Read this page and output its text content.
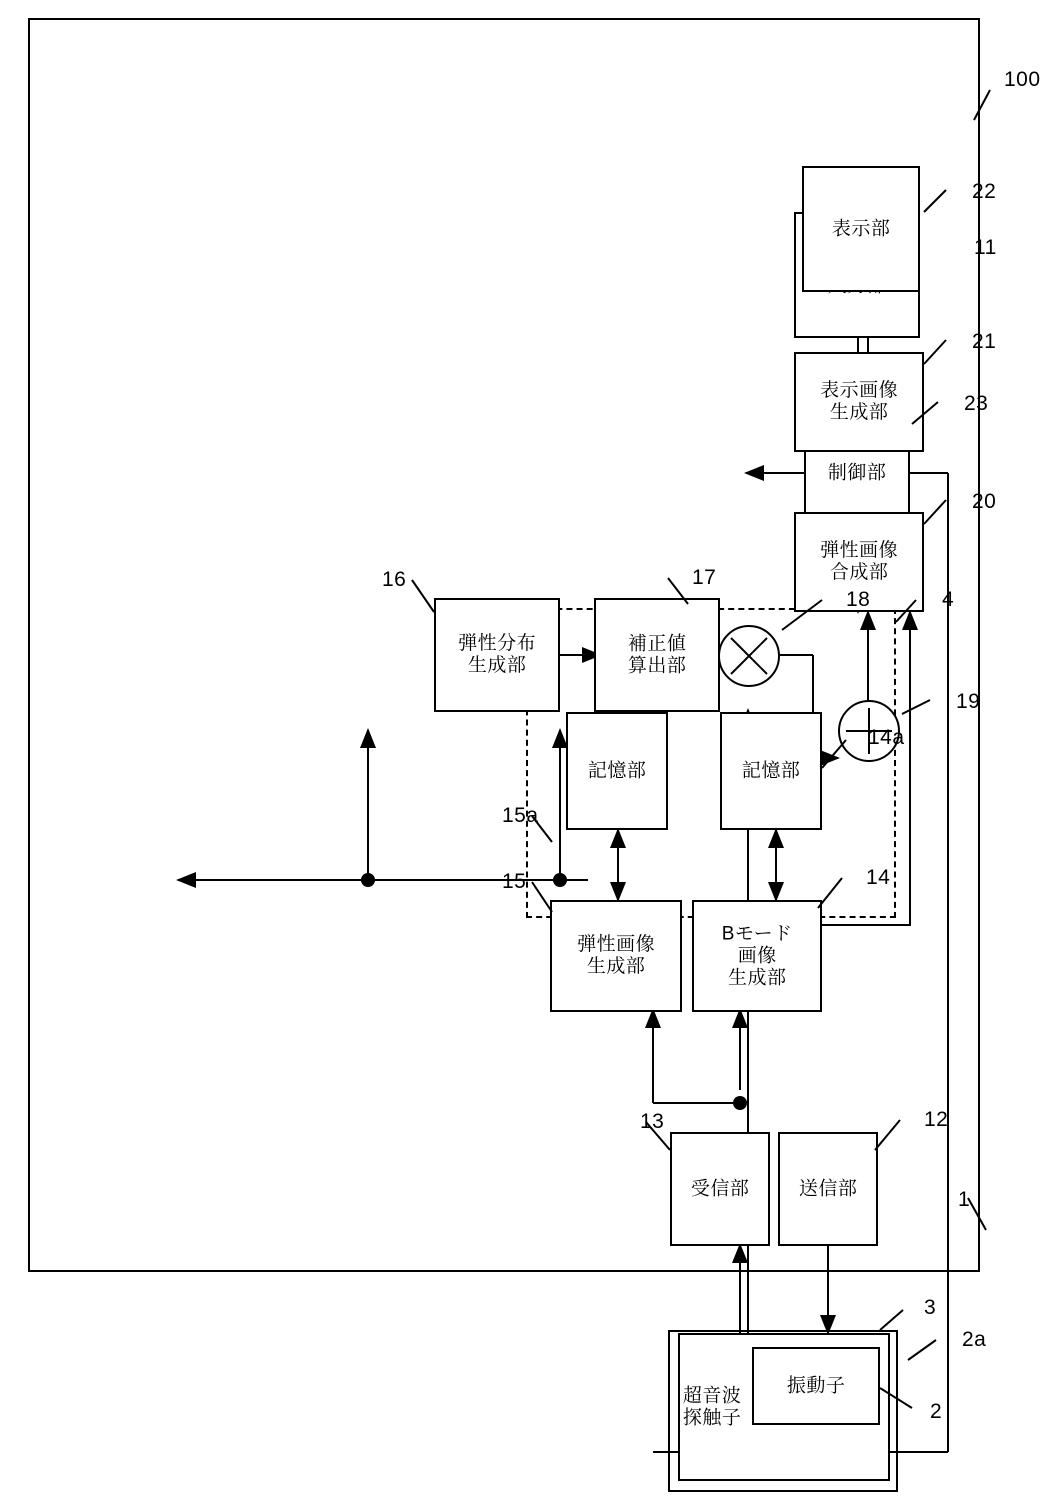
超音波
探触子
振動子
制御部
送信部
受信部
Bモード
画像
生成部
記憶部
弾性画像
生成部
記憶部
弾性分布
生成部
補正値
算出部
弾性画像
合成部
表示画像
生成部
表示部
100
1
2
3
2a
12
13
14
14a
15
15a
16	17
18
19
4
20
21
22
23
11
